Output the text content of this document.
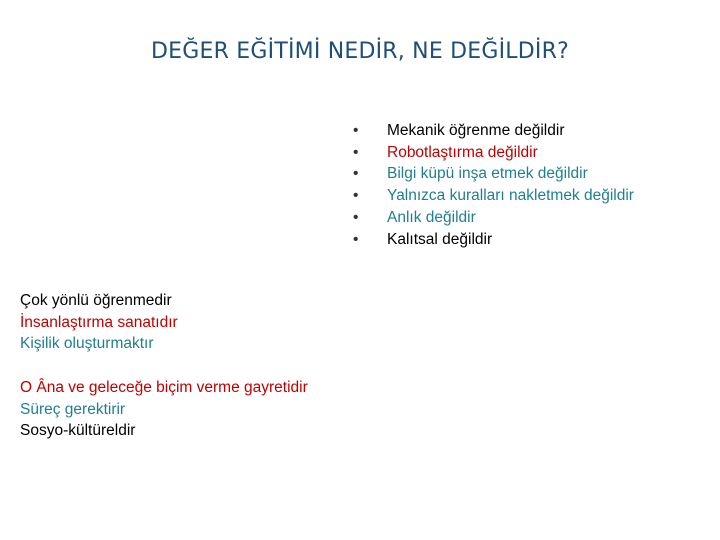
DEĞER EĞİTİMİ NEDİR, NE DEĞİLDİR?
•	Mekanik öğrenme değildir
•	Robotlaştırma değildir
•	Bilgi küpü inşa etmek değildir
•	Yalnızca kuralları nakletmek değildir
•	Anlık değildir
•	Kalıtsal değildir
Çok yönlü öğrenmedir
İnsanlaştırma sanatıdır
Kişilik oluşturmaktır
O Âna ve geleceğe biçim verme gayretidir
Süreç gerektirir
Sosyo-kültüreldir
